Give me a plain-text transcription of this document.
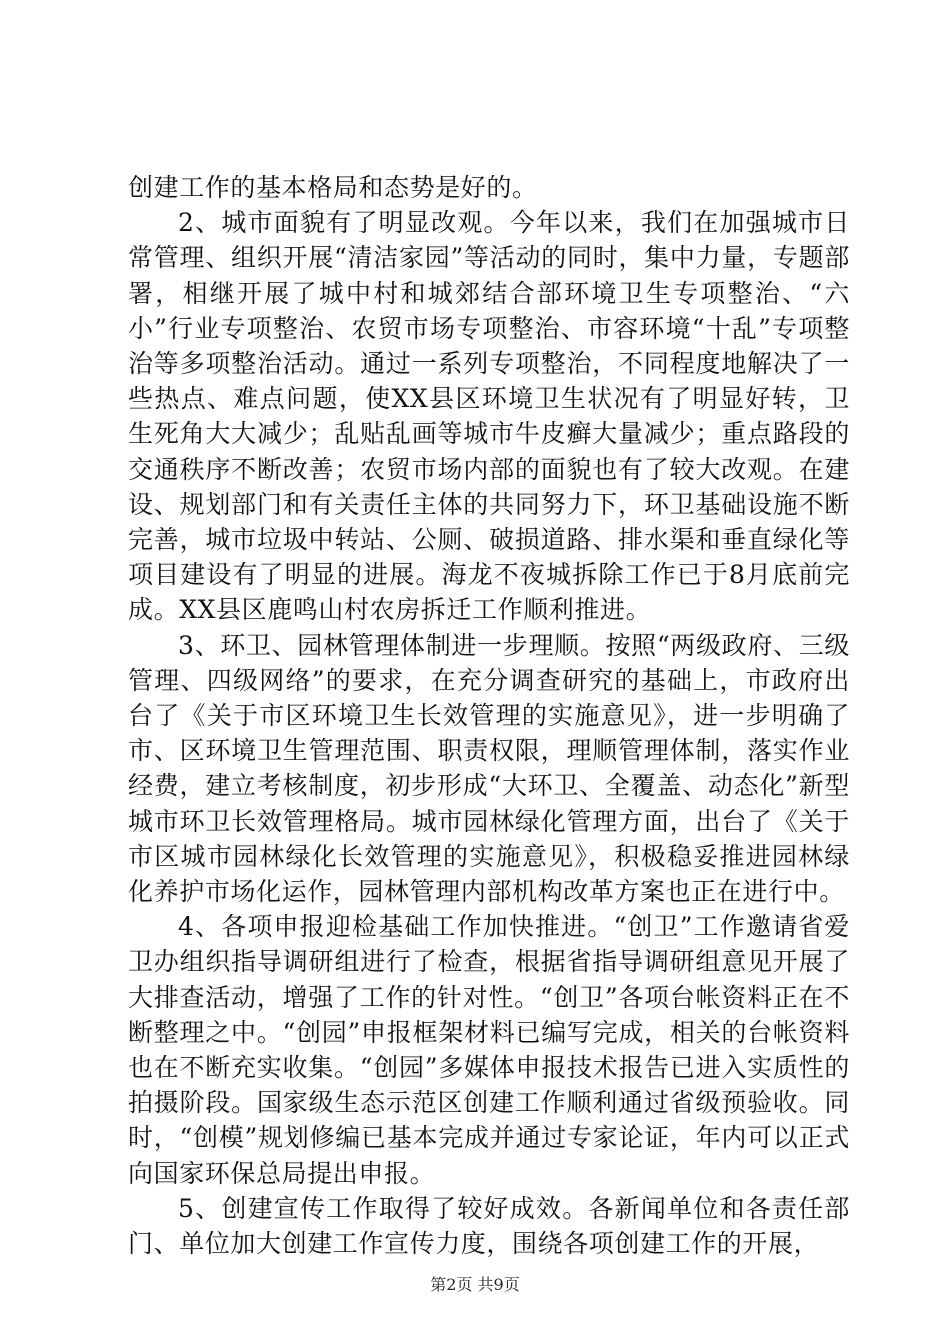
创建工作的基本格局和态势是好的。

2、城市面貌有了明显改观。今年以来，我们在加强城市日常管理、组织开展“清洁家园”等活动的同时，集中力量，专题部署，相继开展了城中村和城郊结合部环境卫生专项整治、“六小”行业专项整治、农贸市场专项整治、市容环境“十乱”专项整治等多项整治活动。通过一系列专项整治，不同程度地解决了一些热点、难点问题，使XX县区环境卫生状况有了明显好转，卫生死角大大减少；乱贴乱画等城市牛皮癣大量减少；重点路段的交通秩序不断改善；农贸市场内部的面貌也有了较大改观。在建设、规划部门和有关责任主体的共同努力下，环卫基础设施不断完善，城市垃圾中转站、公厕、破损道路、排水渠和垂直绿化等项目建设有了明显的进展。海龙不夜城拆除工作已于8月底前完成。XX县区鹿鸣山村农房拆迁工作顺利推进。

3、环卫、园林管理体制进一步理顺。按照“两级政府、三级管理、四级网络”的要求，在充分调查研究的基础上，市政府出台了《关于市区环境卫生长效管理的实施意见》，进一步明确了市、区环境卫生管理范围、职责权限，理顺管理体制，落实作业经费，建立考核制度，初步形成“大环卫、全覆盖、动态化”新型城市环卫长效管理格局。城市园林绿化管理方面，出台了《关于市区城市园林绿化长效管理的实施意见》，积极稳妥推进园林绿化养护市场化运作，园林管理内部机构改革方案也正在进行中。

4、各项申报迎检基础工作加快推进。“创卫”工作邀请省爱卫办组织指导调研组进行了检查，根据省指导调研组意见开展了大排查活动，增强了工作的针对性。“创卫”各项台帐资料正在不断整理之中。“创园”申报框架材料已编写完成，相关的台帐资料也在不断充实收集。“创园”多媒体申报技术报告已进入实质性的拍摄阶段。国家级生态示范区创建工作顺利通过省级预验收。同时，“创模”规划修编已基本完成并通过专家论证，年内可以正式向国家环保总局提出申报。

5、创建宣传工作取得了较好成效。各新闻单位和各责任部门、单位加大创建工作宣传力度，围绕各项创建工作的开展，

第2页 共9页
